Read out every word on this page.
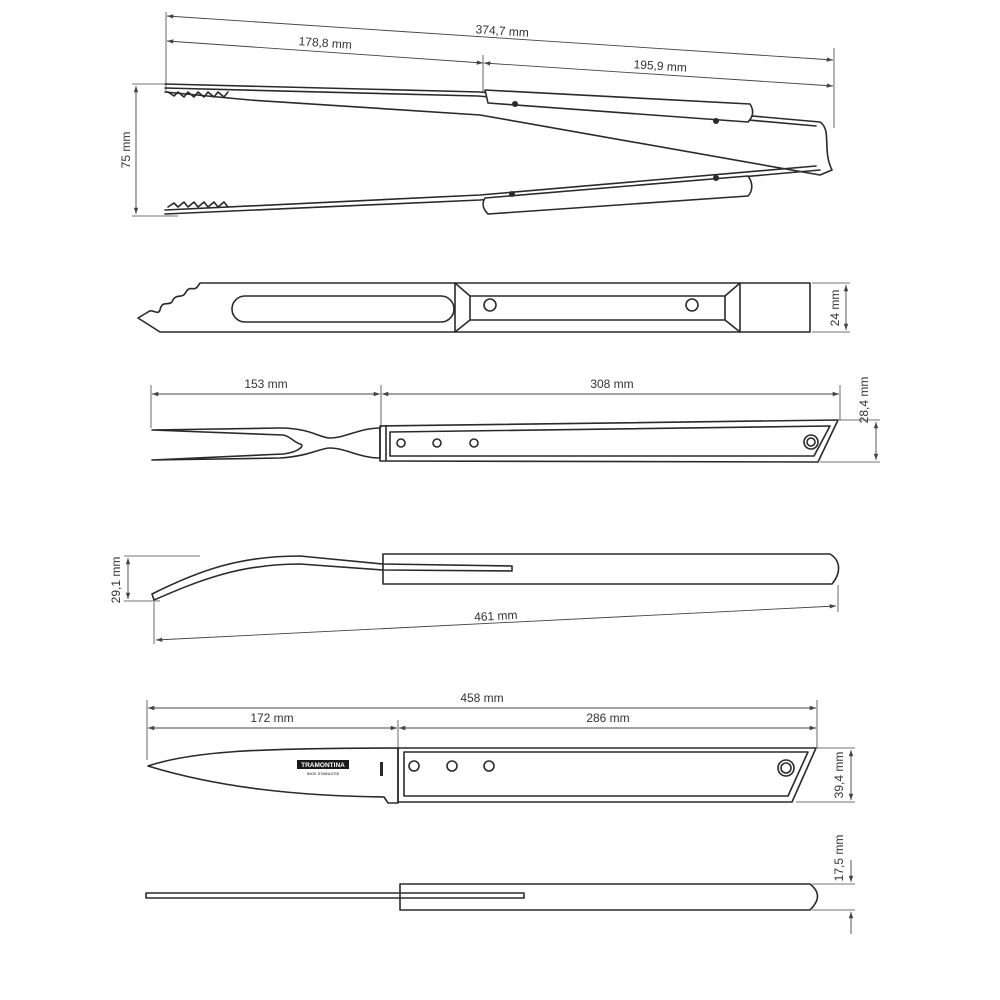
374,7 mm
178,8 mm
195,9 mm
75 mm
24 mm
153 mm	308 mm	28,4 mm
29,1 mm
461 mm
458 mm
172 mm	286 mm
TRAMONTINA
INOX STAINLESS	39,4 mm
17,5 mm
